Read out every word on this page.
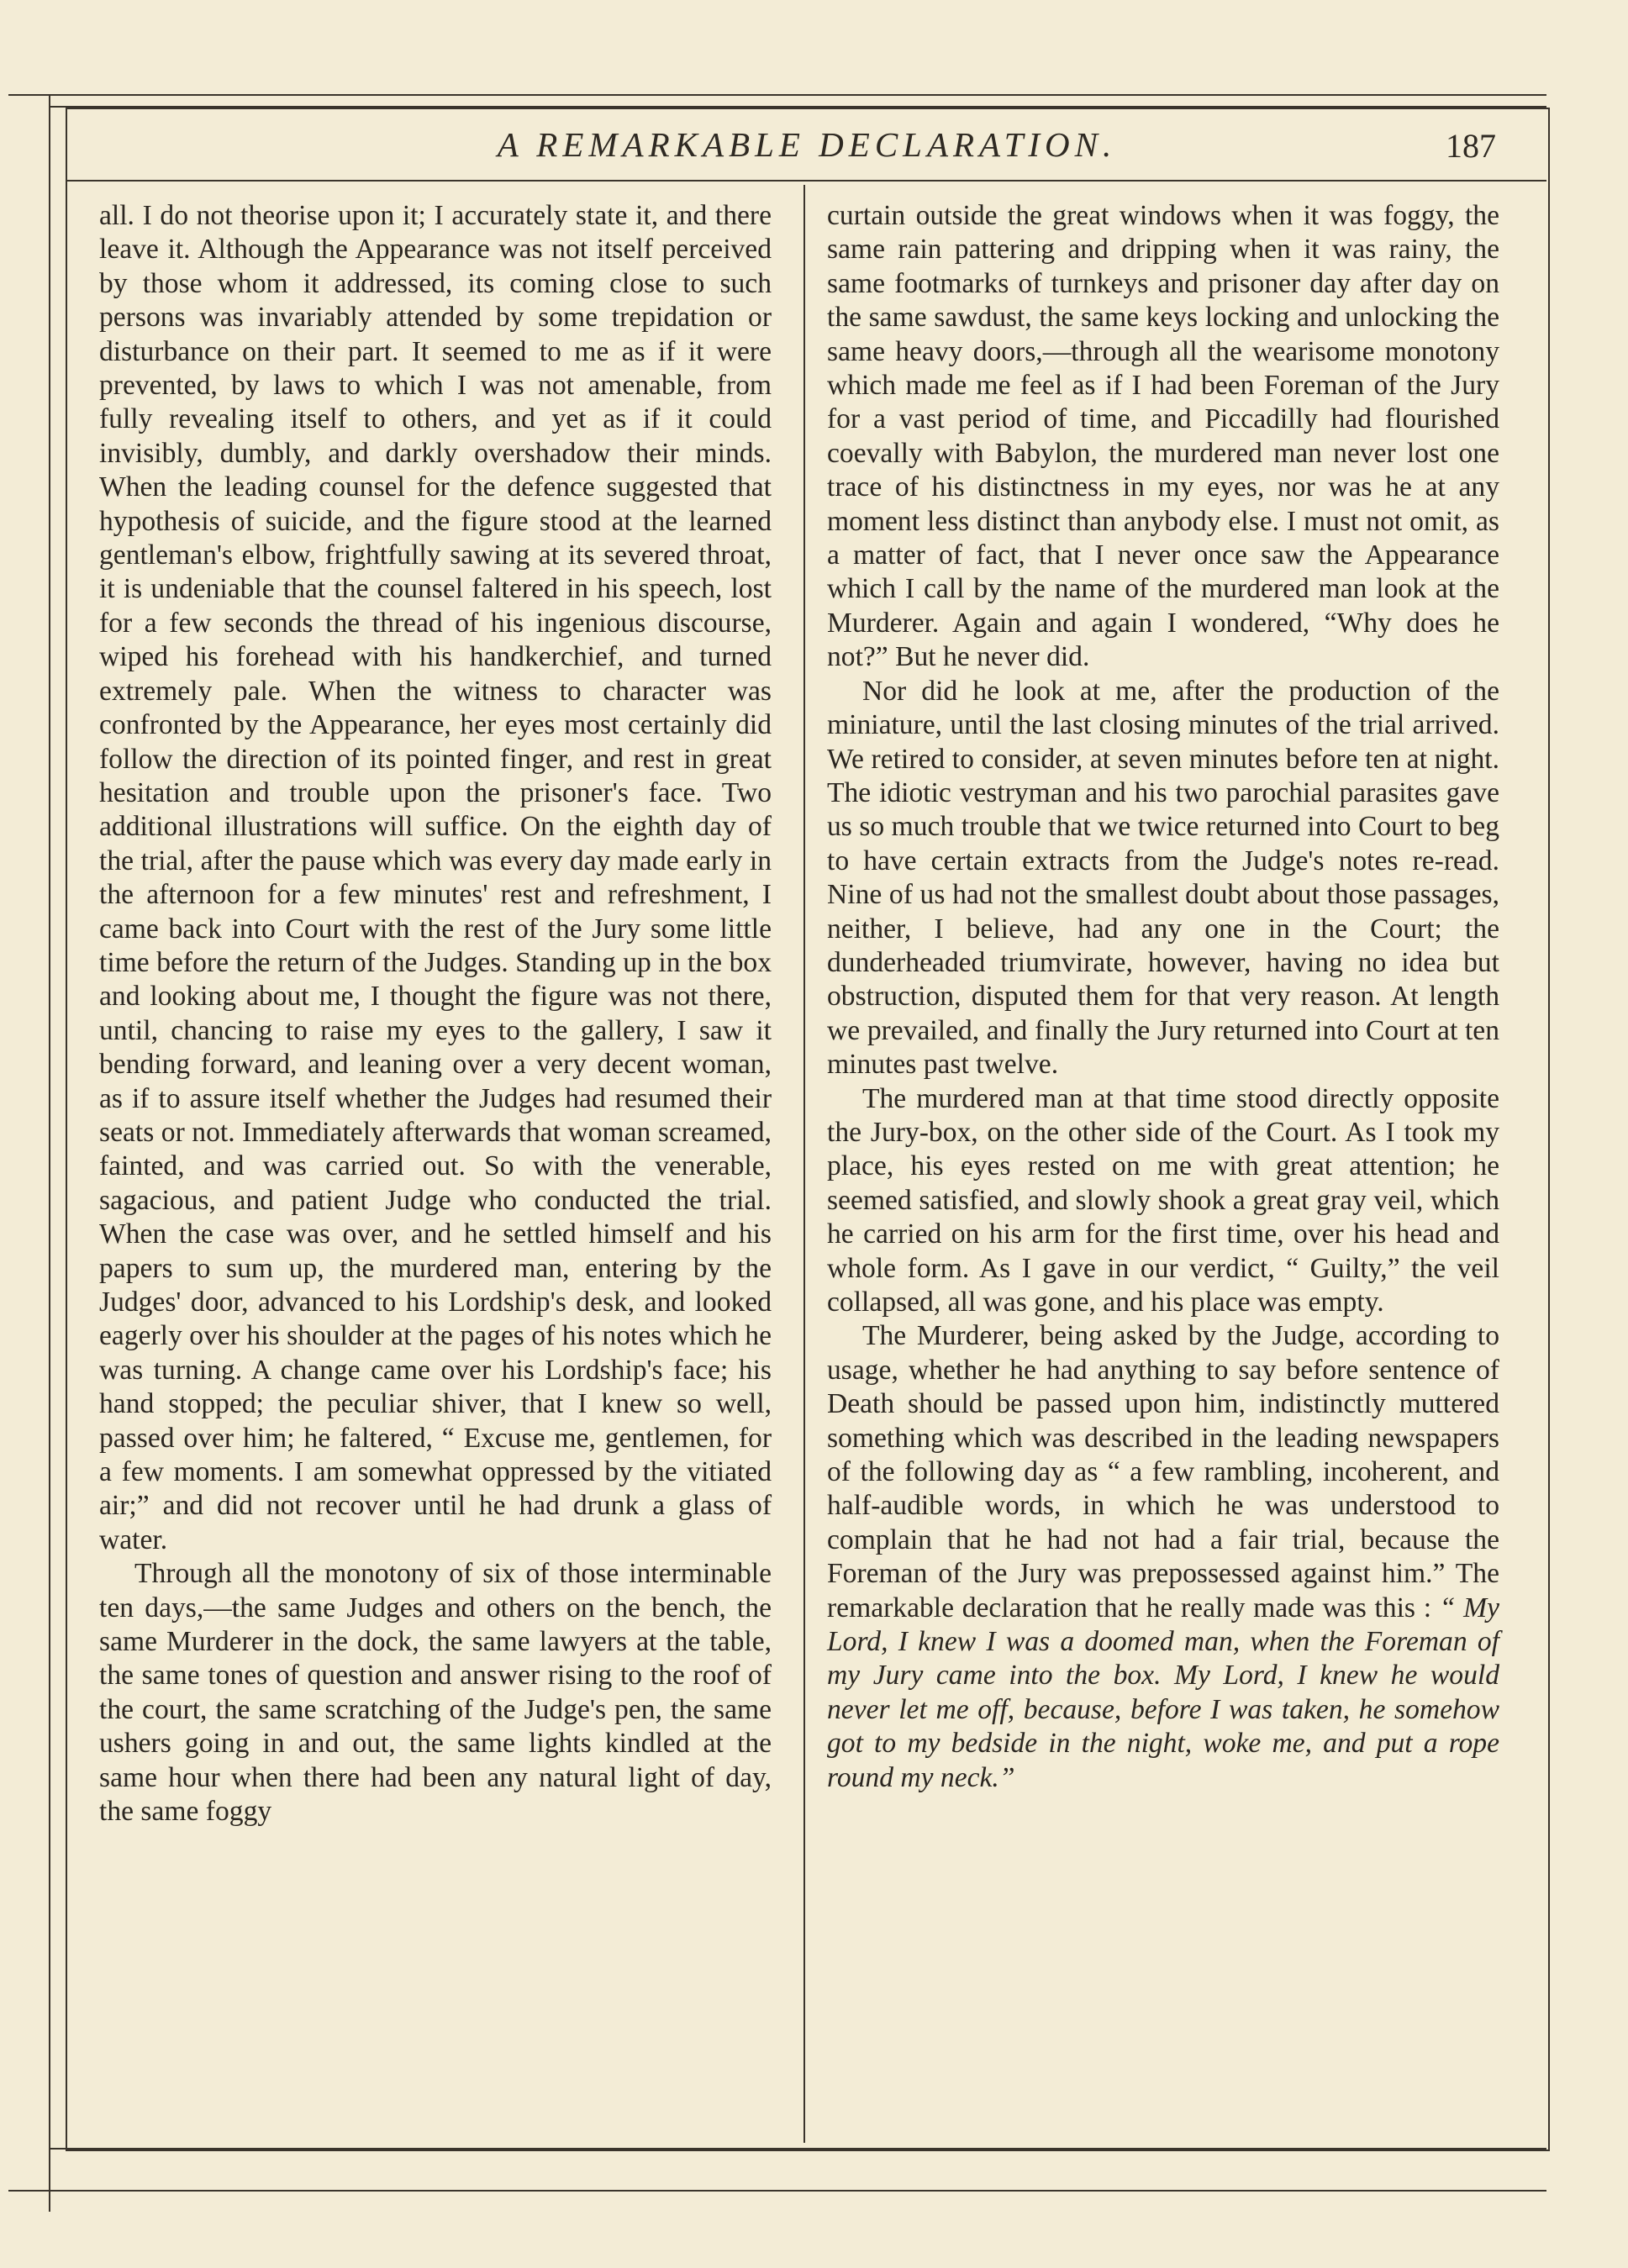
A REMARKABLE DECLARATION.	187

all. I do not theorise upon it; I accurately state it, and there leave it. Although the Appearance was not itself perceived by those whom it addressed, its coming close to such persons was invariably attended by some trepidation or disturbance on their part. It seemed to me as if it were prevented, by laws to which I was not amenable, from fully revealing itself to others, and yet as if it could invisibly, dumbly, and darkly overshadow their minds. When the leading counsel for the defence suggested that hypothesis of suicide, and the figure stood at the learned gentleman's elbow, frightfully sawing at its severed throat, it is undeniable that the counsel faltered in his speech, lost for a few seconds the thread of his ingenious discourse, wiped his forehead with his handkerchief, and turned extremely pale. When the witness to character was confronted by the Appearance, her eyes most certainly did follow the direction of its pointed finger, and rest in great hesitation and trouble upon the prisoner's face. Two additional illustrations will suffice. On the eighth day of the trial, after the pause which was every day made early in the afternoon for a few minutes' rest and refreshment, I came back into Court with the rest of the Jury some little time before the return of the Judges. Standing up in the box and looking about me, I thought the figure was not there, until, chancing to raise my eyes to the gallery, I saw it bending forward, and leaning over a very decent woman, as if to assure itself whether the Judges had resumed their seats or not. Immediately afterwards that woman screamed, fainted, and was carried out. So with the venerable, sagacious, and patient Judge who conducted the trial. When the case was over, and he settled himself and his papers to sum up, the murdered man, entering by the Judges' door, advanced to his Lordship's desk, and looked eagerly over his shoulder at the pages of his notes which he was turning. A change came over his Lordship's face; his hand stopped; the peculiar shiver, that I knew so well, passed over him; he faltered, “ Excuse me, gentlemen, for a few moments. I am somewhat oppressed by the vitiated air;” and did not recover until he had drunk a glass of water.

Through all the monotony of six of those interminable ten days,—the same Judges and others on the bench, the same Murderer in the dock, the same lawyers at the table, the same tones of question and answer rising to the roof of the court, the same scratching of the Judge's pen, the same ushers going in and out, the same lights kindled at the same hour when there had been any natural light of day, the same foggy

curtain outside the great windows when it was foggy, the same rain pattering and dripping when it was rainy, the same footmarks of turnkeys and prisoner day after day on the same sawdust, the same keys locking and unlocking the same heavy doors,—through all the wearisome monotony which made me feel as if I had been Foreman of the Jury for a vast period of time, and Piccadilly had flourished coevally with Babylon, the murdered man never lost one trace of his distinctness in my eyes, nor was he at any moment less distinct than anybody else. I must not omit, as a matter of fact, that I never once saw the Appearance which I call by the name of the murdered man look at the Murderer. Again and again I wondered, “Why does he not?” But he never did.

Nor did he look at me, after the production of the miniature, until the last closing minutes of the trial arrived. We retired to consider, at seven minutes before ten at night. The idiotic vestryman and his two parochial parasites gave us so much trouble that we twice returned into Court to beg to have certain extracts from the Judge's notes re-read. Nine of us had not the smallest doubt about those passages, neither, I believe, had any one in the Court; the dunderheaded triumvirate, however, having no idea but obstruction, disputed them for that very reason. At length we prevailed, and finally the Jury returned into Court at ten minutes past twelve.

The murdered man at that time stood directly opposite the Jury-box, on the other side of the Court. As I took my place, his eyes rested on me with great attention; he seemed satisfied, and slowly shook a great gray veil, which he carried on his arm for the first time, over his head and whole form. As I gave in our verdict, “ Guilty,” the veil collapsed, all was gone, and his place was empty.

The Murderer, being asked by the Judge, according to usage, whether he had anything to say before sentence of Death should be passed upon him, indistinctly muttered something which was described in the leading newspapers of the following day as “ a few rambling, incoherent, and half-audible words, in which he was understood to complain that he had not had a fair trial, because the Foreman of the Jury was prepossessed against him.” The remarkable declaration that he really made was this : “ My Lord, I knew I was a doomed man, when the Foreman of my Jury came into the box. My Lord, I knew he would never let me off, because, before I was taken, he somehow got to my bedside in the night, woke me, and put a rope round my neck.”
